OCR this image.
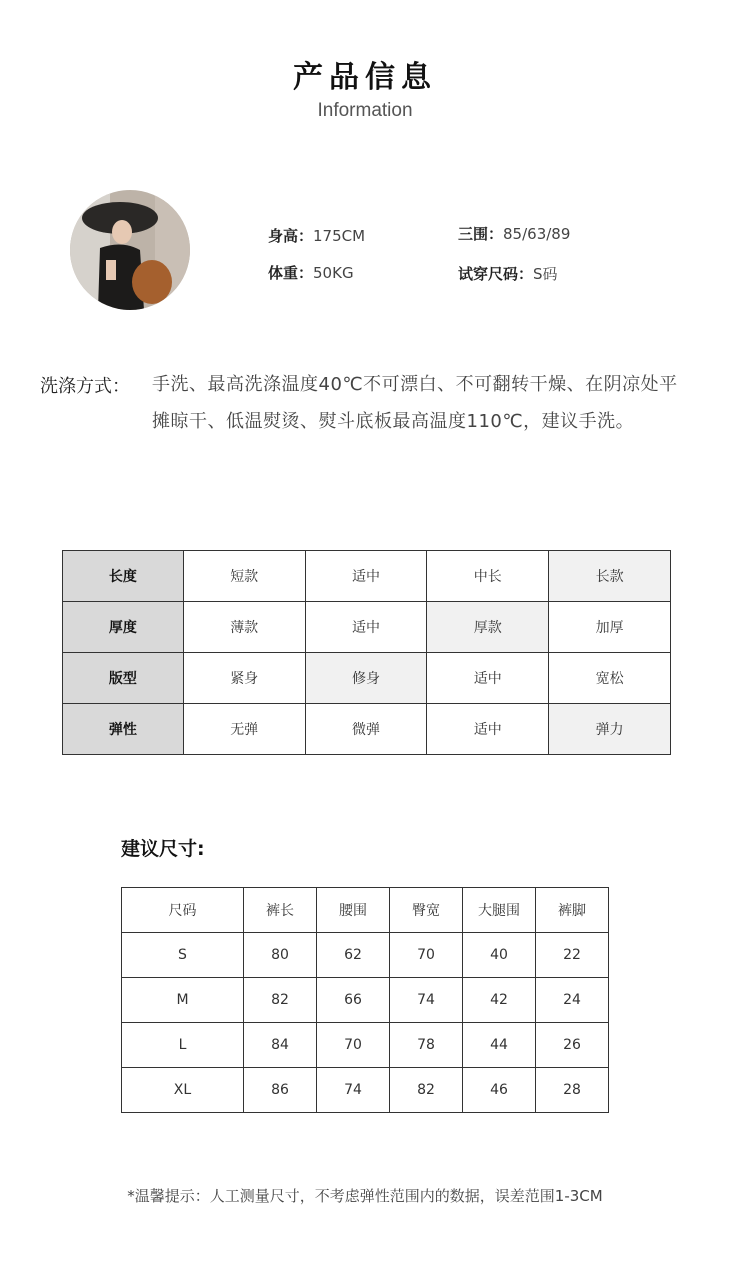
产品信息
Information
身高：175CM
体重：50KG
三围：85/63/89
试穿尺码：S码
洗涤方式： 手洗、最高洗涤温度40℃不可漂白、不可翻转干燥、在阴凉处平摊晾干、低温熨烫、熨斗底板最高温度110℃，建议手洗。
长度	短款	适中	中长	长款
厚度	薄款	适中	厚款	加厚
版型	紧身	修身	适中	宽松
弹性	无弹	微弹	适中	弹力
建议尺寸:
尺码	裤长	腰围	臀宽	大腿围	裤脚
S	80	62	70	40	22
M	82	66	74	42	24
L	84	70	78	44	26
XL	86	74	82	46	28
*温馨提示：人工测量尺寸，不考虑弹性范围内的数据，误差范围1-3CM
